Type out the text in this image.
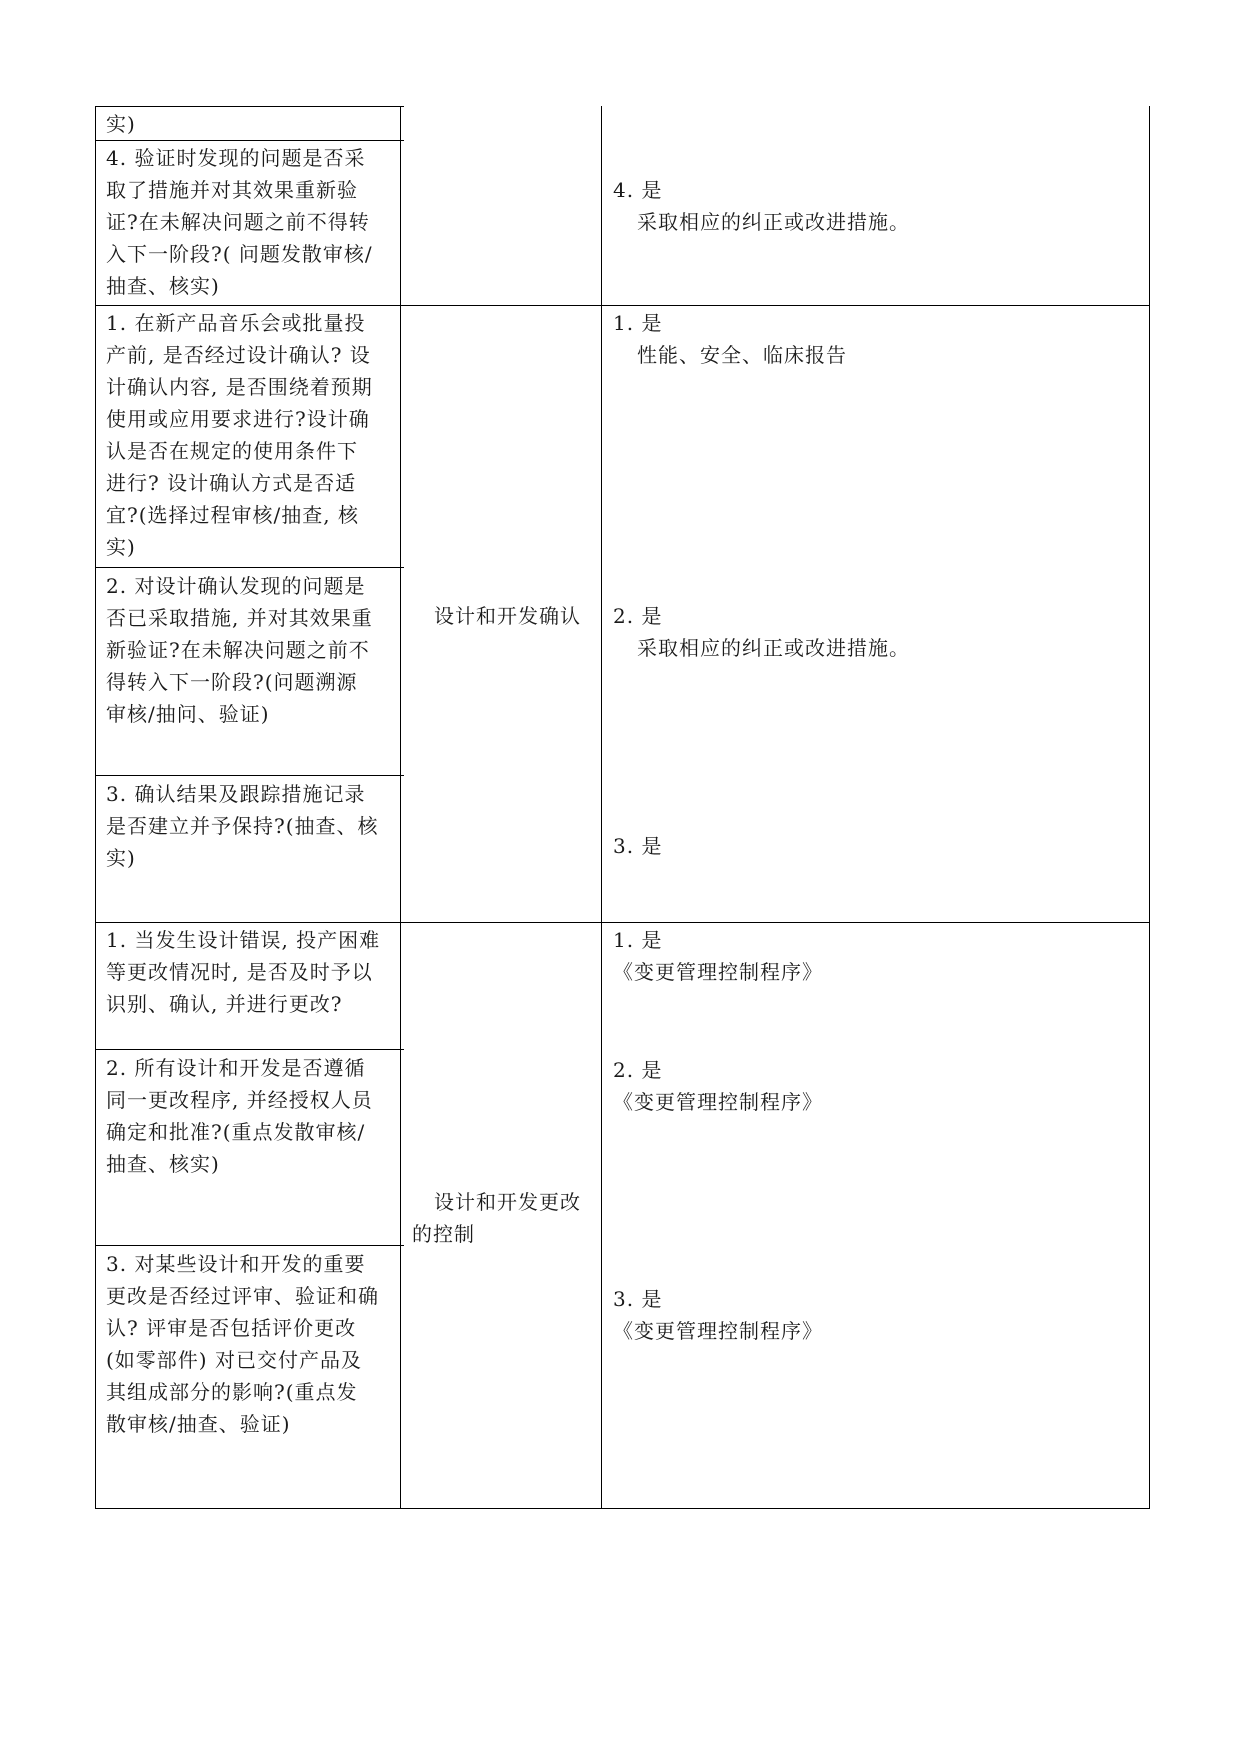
实)
4. 验证时发现的问题是否采
取了措施并对其效果重新验
证?在未解决问题之前不得转
入下一阶段?( 问题发散审核/
抽查、核实)
4. 是
采取相应的纠正或改进措施。
1. 在新产品音乐会或批量投
产前, 是否经过设计确认? 设
计确认内容, 是否围绕着预期
使用或应用要求进行?设计确
认是否在规定的使用条件下
进行? 设计确认方式是否适
宜?(选择过程审核/抽查, 核
实)
2. 对设计确认发现的问题是
否已采取措施, 并对其效果重
新验证?在未解决问题之前不
得转入下一阶段?(问题溯源
审核/抽问、验证)
3. 确认结果及跟踪措施记录
是否建立并予保持?(抽查、核
实)
设计和开发确认
1. 是
性能、安全、临床报告
2. 是
采取相应的纠正或改进措施。
3. 是
1. 当发生设计错误, 投产困难
等更改情况时, 是否及时予以
识别、确认, 并进行更改?
2. 所有设计和开发是否遵循
同一更改程序, 并经授权人员
确定和批准?(重点发散审核/
抽查、核实)
3. 对某些设计和开发的重要
更改是否经过评审、验证和确
认? 评审是否包括评价更改
(如零部件) 对已交付产品及
其组成部分的影响?(重点发
散审核/抽查、验证)
设计和开发更改
的控制
1. 是
《变更管理控制程序》
2. 是
《变更管理控制程序》
3. 是
《变更管理控制程序》
